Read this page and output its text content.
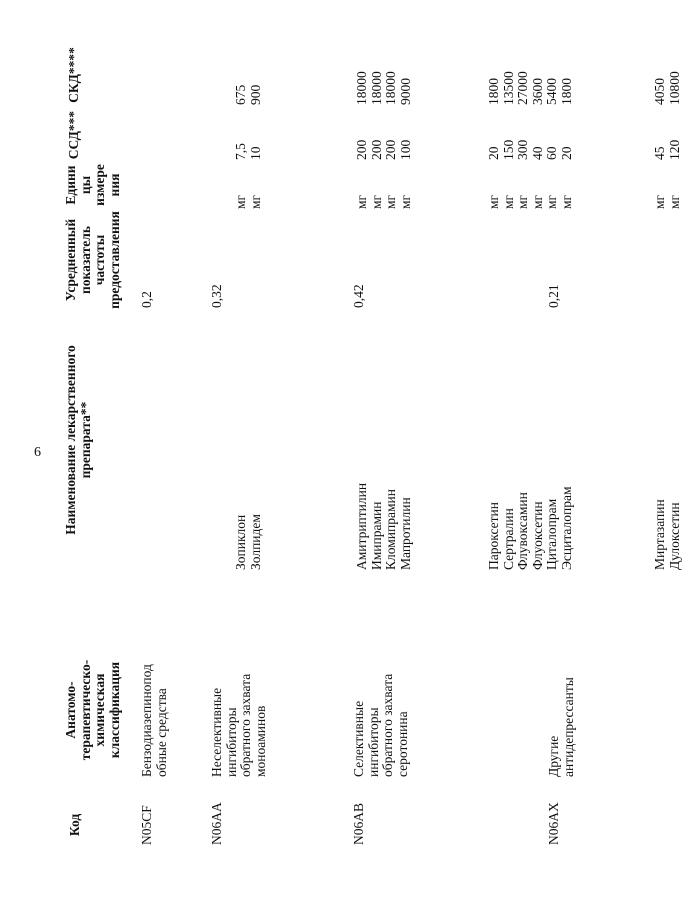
6
Код
Анатомо- терапевтическо- химическая классификация
Наименование лекарственного препарата**
Усредненный показатель частоты предоставления
Едини цы измере ния
ССД***
СКД****
N05CF
Бензодиазепинопод обные средства
0,2
Зопиклон
мг
7,5
675
Золпидем
мг
10
900
N06AA
Неселективные ингибиторы обратного захвата моноаминов
0,32
Амитриптилин
мг
200
18000
Имипрамин
мг
200
18000
Кломипрамин
мг
200
18000
Мапротилин
мг
100
9000
N06AB
Селективные ингибиторы обратного захвата серотонина
0,42
Пароксетин
мг
20
1800
Сертралин
мг
150
13500
Флувоксамин
мг
300
27000
Флуоксетин
мг
40
3600
Циталопрам
мг
60
5400
Эсциталопрам
мг
20
1800
N06AX
Другие антидепрессанты
0,21
Миртазапин
мг
45
4050
Дулоксетин
мг
120
10800
